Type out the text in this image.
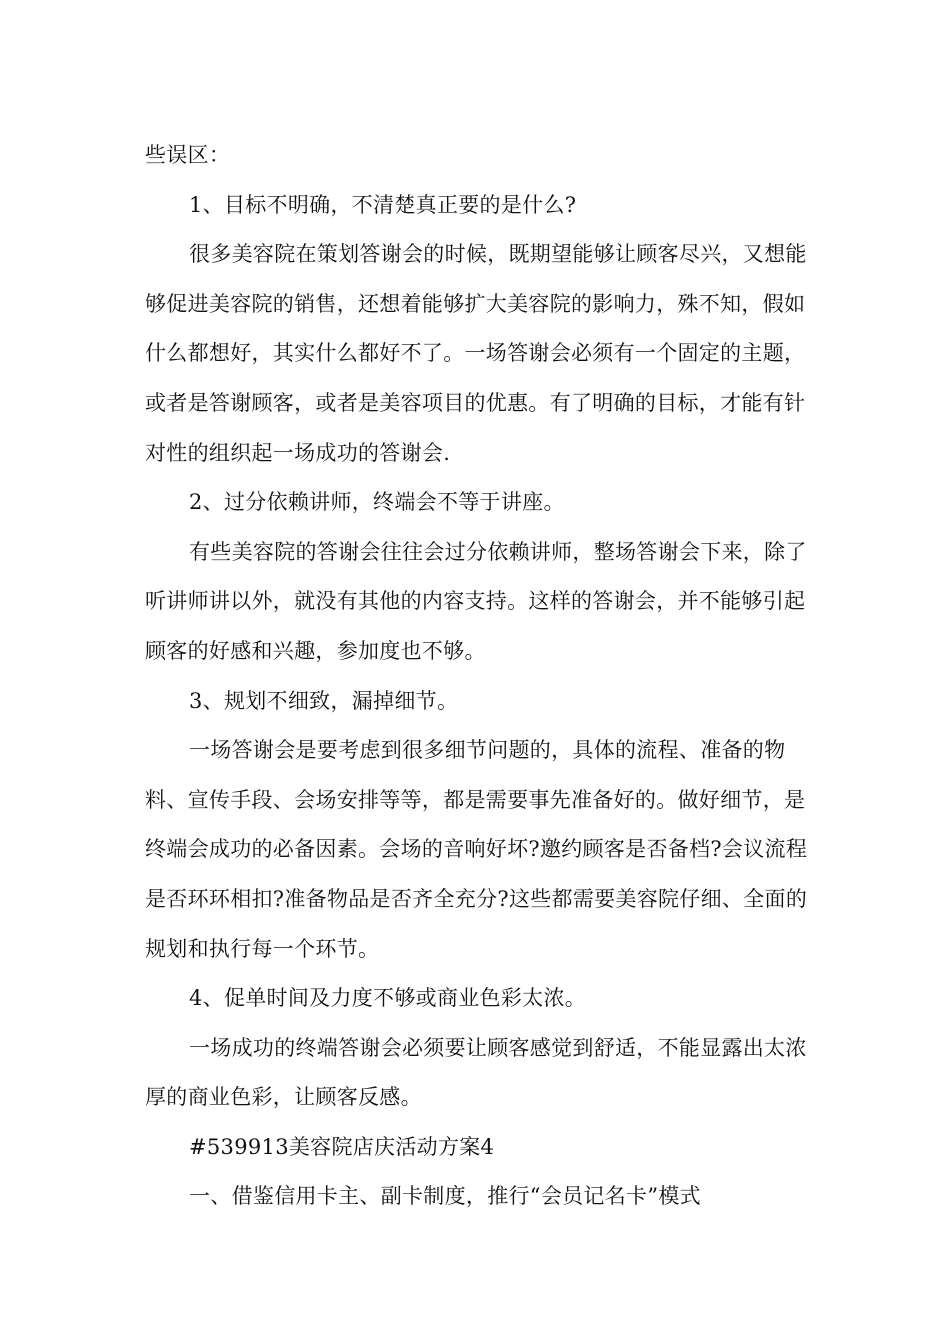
些误区：

1、目标不明确，不清楚真正要的是什么?

很多美容院在策划答谢会的时候，既期望能够让顾客尽兴，又想能够促进美容院的销售，还想着能够扩大美容院的影响力，殊不知，假如什么都想好，其实什么都好不了。一场答谢会必须有一个固定的主题，或者是答谢顾客，或者是美容项目的优惠。有了明确的目标，才能有针对性的组织起一场成功的答谢会.

2、过分依赖讲师，终端会不等于讲座。

有些美容院的答谢会往往会过分依赖讲师，整场答谢会下来，除了听讲师讲以外，就没有其他的内容支持。这样的答谢会，并不能够引起顾客的好感和兴趣，参加度也不够。

3、规划不细致，漏掉细节。

一场答谢会是要考虑到很多细节问题的，具体的流程、准备的物料、宣传手段、会场安排等等，都是需要事先准备好的。做好细节，是终端会成功的必备因素。会场的音响好坏?邀约顾客是否备档?会议流程是否环环相扣?准备物品是否齐全充分?这些都需要美容院仔细、全面的规划和执行每一个环节。

4、促单时间及力度不够或商业色彩太浓。

一场成功的终端答谢会必须要让顾客感觉到舒适，不能显露出太浓厚的商业色彩，让顾客反感。

#539913美容院店庆活动方案4

一、借鉴信用卡主、副卡制度，推行“会员记名卡”模式
